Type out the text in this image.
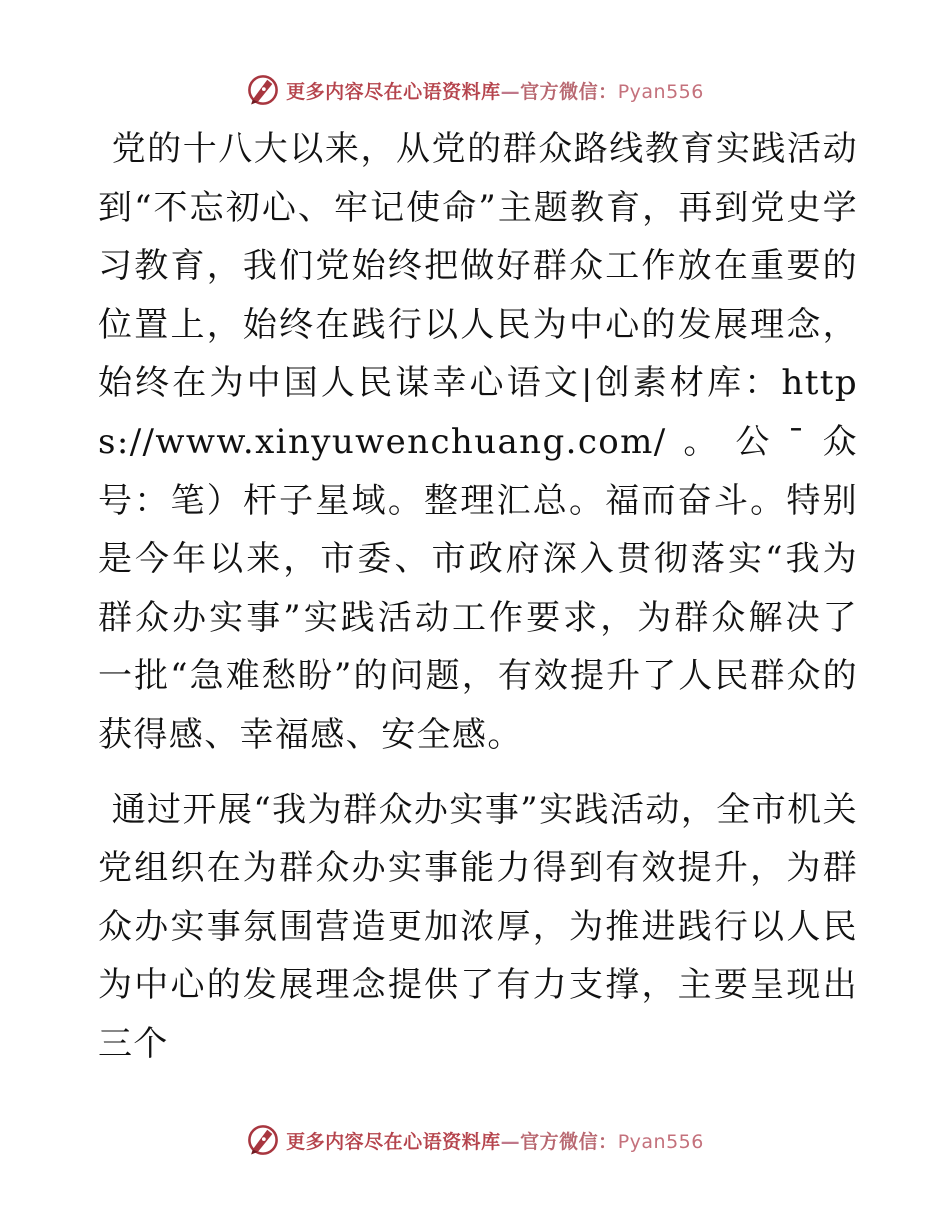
更多内容尽在心语资料库—官方微信：Pyan556

党的十八大以来，从党的群众路线教育实践活动到“不忘初心、牢记使命”主题教育，再到党史学习教育，我们党始终把做好群众工作放在重要的位置上，始终在践行以人民为中心的发展理念，始终在为中国人民谋幸心语文|创素材库：https://www.xinyuwenchuang.com/。公¯众号：笔）杆子星域。整理汇总。福而奋斗。特别是今年以来，市委、市政府深入贯彻落实“我为群众办实事”实践活动工作要求，为群众解决了一批“急难愁盼”的问题，有效提升了人民群众的获得感、幸福感、安全感。

通过开展“我为群众办实事”实践活动，全市机关党组织在为群众办实事能力得到有效提升，为群众办实事氛围营造更加浓厚，为推进践行以人民为中心的发展理念提供了有力支撑，主要呈现出三个

更多内容尽在心语资料库—官方微信：Pyan556
